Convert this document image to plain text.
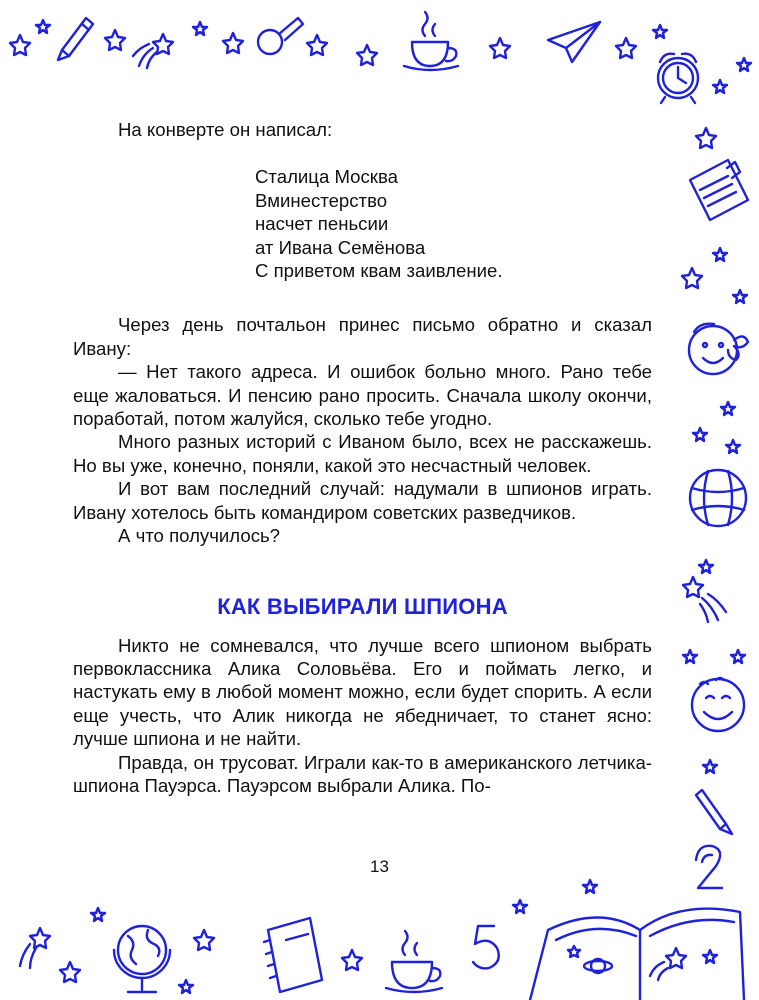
На конверте он написал:

Сталица Москва
Вминестерство
насчет пеньсии
ат Ивана Семёнова
С приветом квам заивление.

Через день почтальон принес письмо обратно и сказал Ивану:

— Нет такого адреса. И ошибок больно много. Рано тебе еще жаловаться. И пенсию рано просить. Сначала школу окончи, поработай, потом жалуйся, сколько тебе угодно.

Много разных историй с Иваном было, всех не расскажешь. Но вы уже, конечно, поняли, какой это несчастный человек.

И вот вам последний случай: надумали в шпионов играть. Ивану хотелось быть командиром советских разведчиков.

А что получилось?

КАК ВЫБИРАЛИ ШПИОНА

Никто не сомневался, что лучше всего шпионом выбрать первоклассника Алика Соловьёва. Его и поймать легко, и настукать ему в любой момент можно, если будет спорить. А если еще учесть, что Алик никогда не ябедничает, то станет ясно: лучше шпиона и не найти.

Правда, он трусоват. Играли как-то в американского летчика-шпиона Пауэрса. Пауэрсом выбрали Алика. По-

13
